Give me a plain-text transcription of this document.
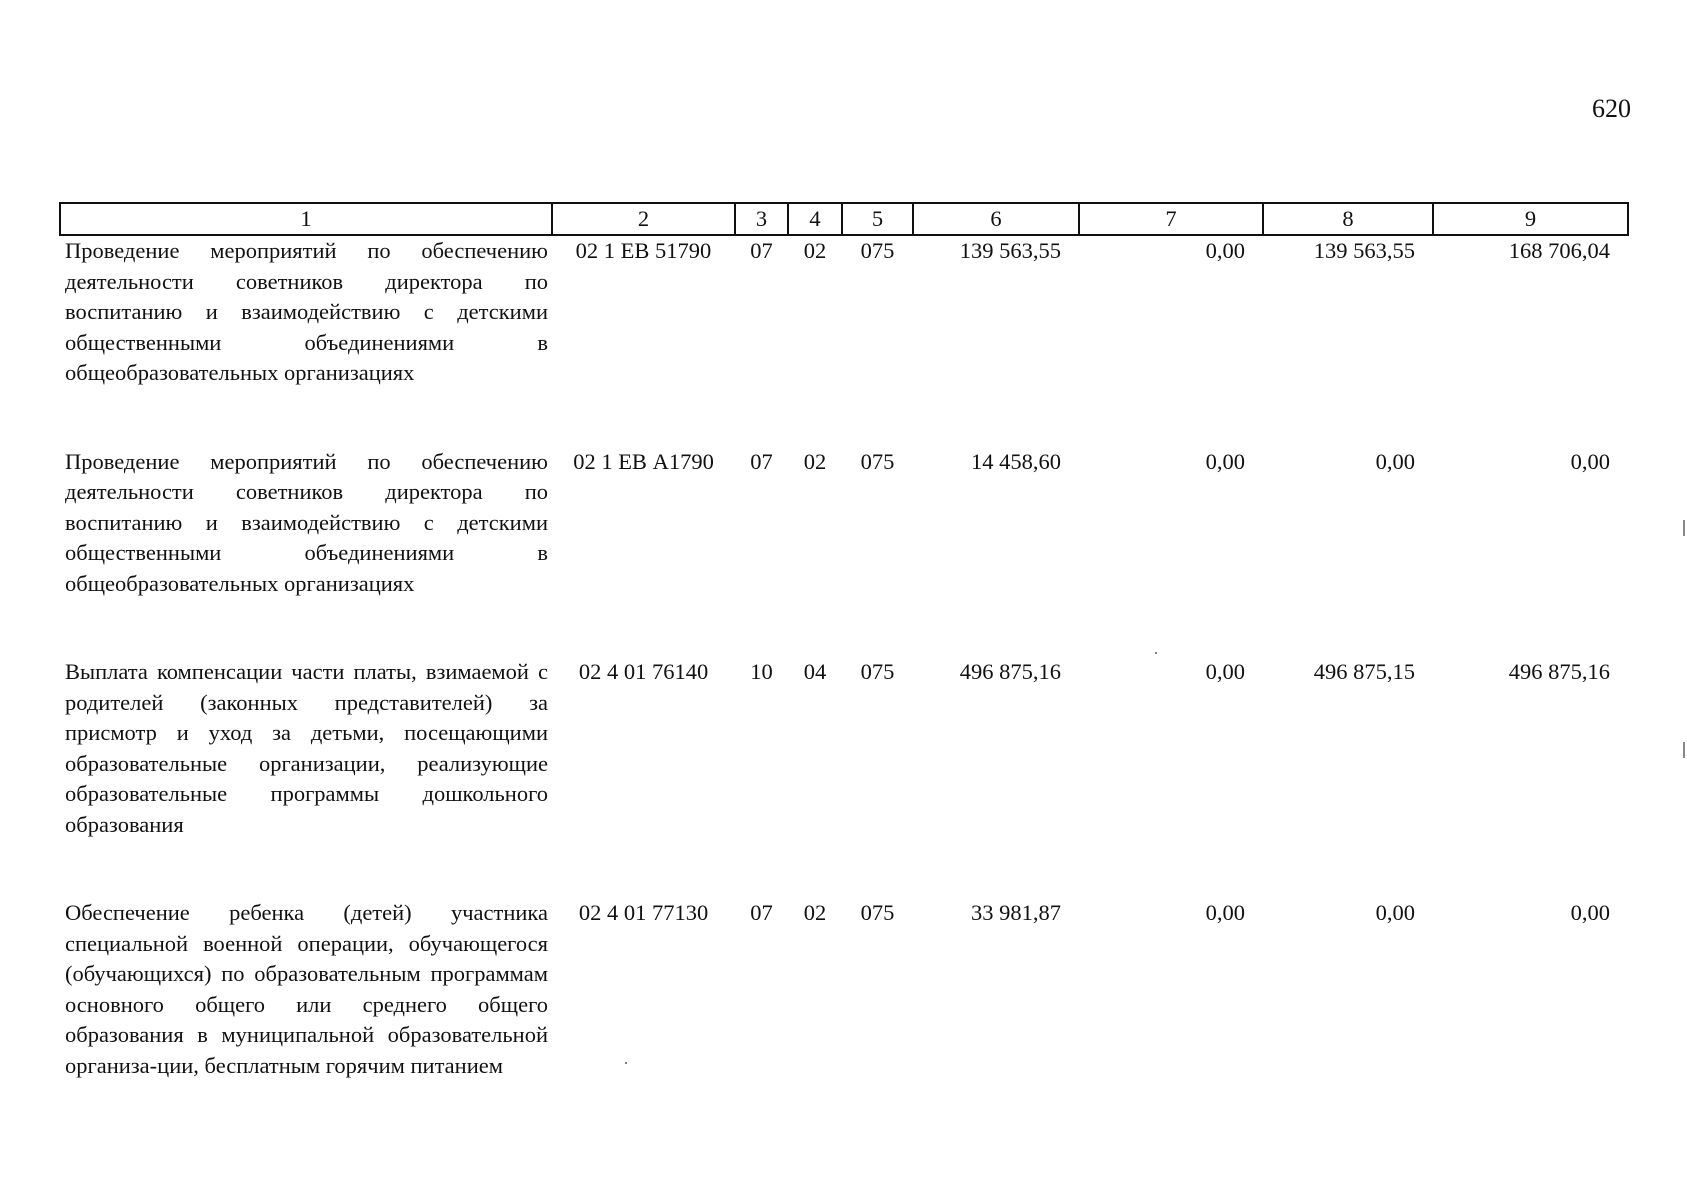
620
1	2	3	4	5	6	7	8	9
Проведение мероприятий по обеспечению деятельности советников директора по воспитанию и взаимодействию с детскими общественными объединениями в общеобразовательных организациях	02 1 ЕВ 51790	07	02	075	139 563,55	0,00	139 563,55	168 706,04
Проведение мероприятий по обеспечению деятельности советников директора по воспитанию и взаимодействию с детскими общественными объединениями в общеобразовательных организациях	02 1 ЕВ А1790	07	02	075	14 458,60	0,00	0,00	0,00
Выплата компенсации части платы, взимаемой с родителей (законных представителей) за присмотр и уход за детьми, посещающими образовательные организации, реализующие образовательные программы дошкольного образования	02 4 01 76140	10	04	075	496 875,16	0,00	496 875,15	496 875,16
Обеспечение ребенка (детей) участника специальной военной операции, обучающегося (обучающихся) по образовательным программам основного общего или среднего общего образования в муниципальной образовательной организа-ции, бесплатным горячим питанием	02 4 01 77130	07	02	075	33 981,87	0,00	0,00	0,00
